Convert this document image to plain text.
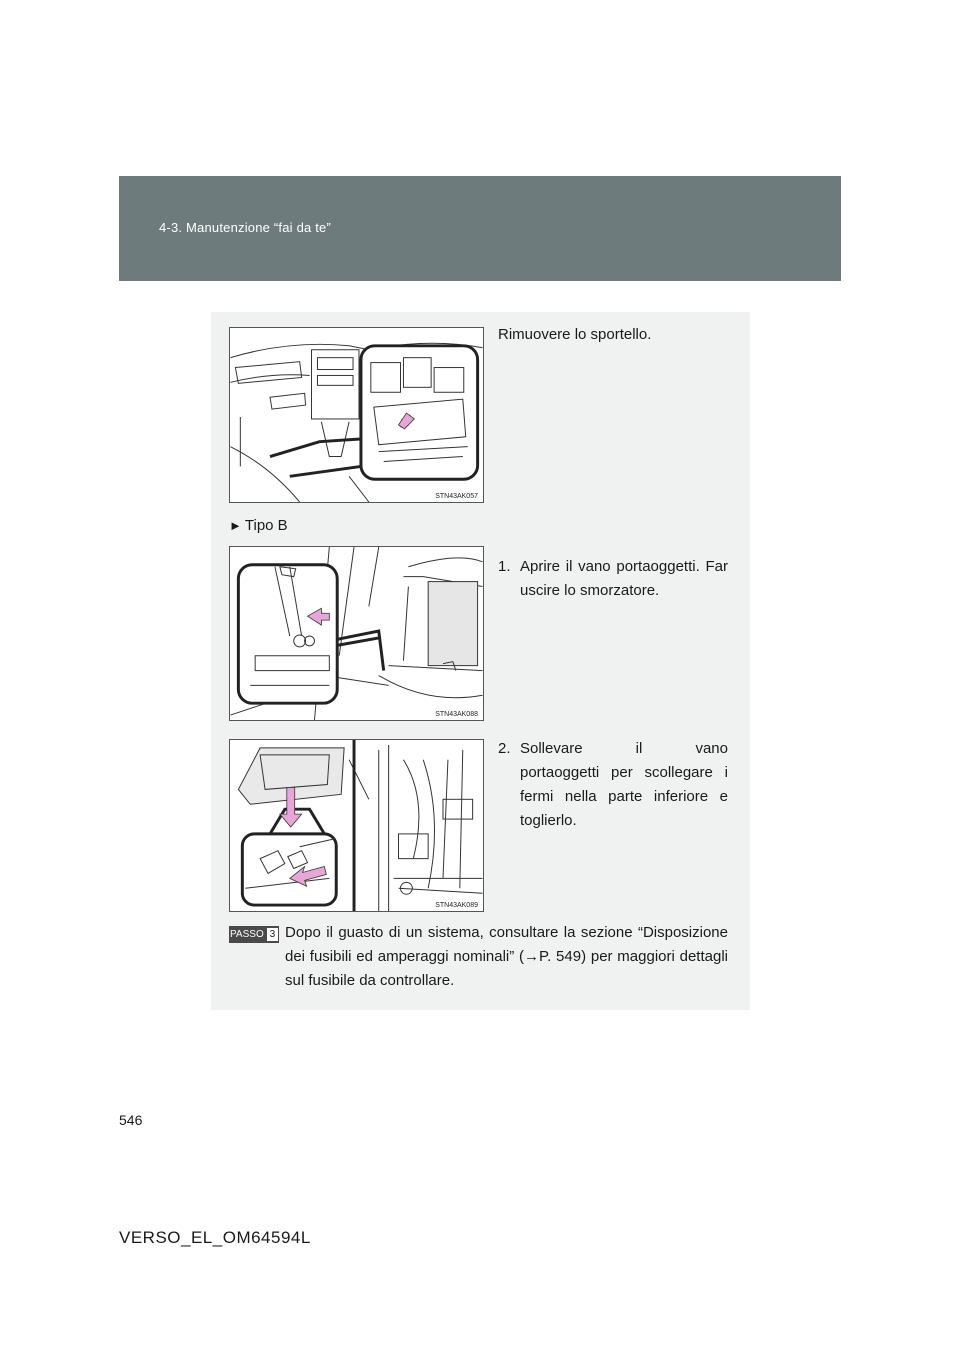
4-3. Manutenzione “fai da te”
STN43AK057
Rimuovere lo sportello.
► Tipo B
STN43AK088
1. Aprire il vano portaoggetti. Far uscire lo smorzatore.
STN43AK089
2. Sollevare	il	vano
portaoggetti per scollegare i fermi nella parte inferiore e toglierlo.
PASSO 3 Dopo il guasto di un sistema, consultare la sezione “Disposizione dei fusibili ed amperaggi nominali” (→P. 549) per maggiori dettagli sul fusibile da controllare.
546
VERSO_EL_OM64594L
